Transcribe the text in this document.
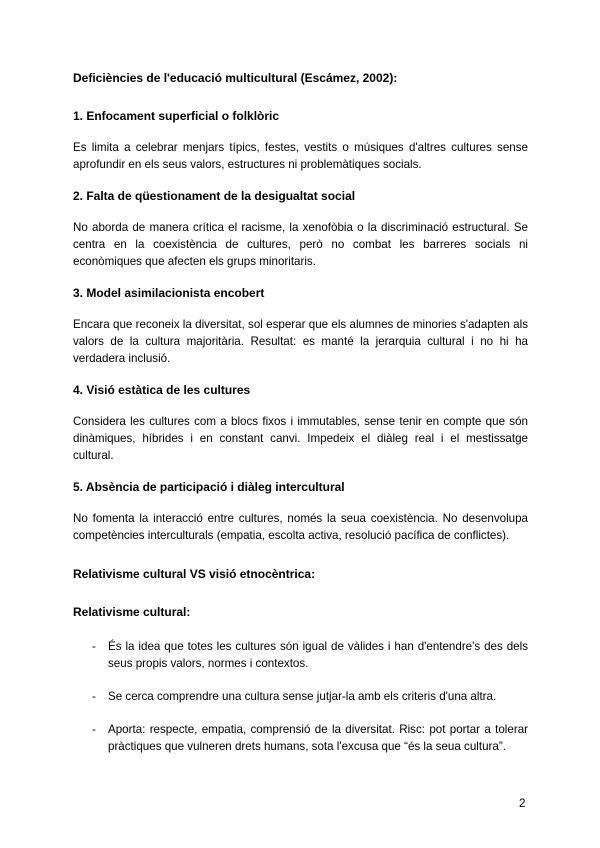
Deficiències de l'educació multicultural (Escámez, 2002):
1. Enfocament superficial o folklòric
Es limita a celebrar menjars típics, festes, vestits o músiques d'altres cultures sense aprofundir en els seus valors, estructures ni problemàtiques socials.
2. Falta de qüestionament de la desigualtat social
No aborda de manera crítica el racisme, la xenofòbia o la discriminació estructural. Se centra en la coexistència de cultures, però no combat les barreres socials ni econòmiques que afecten els grups minoritaris.
3. Model asimilacionista encobert
Encara que reconeix la diversitat, sol esperar que els alumnes de minories s'adapten als valors de la cultura majoritària. Resultat: es manté la jerarquia cultural i no hi ha verdadera inclusió.
4. Visió estàtica de les cultures
Considera les cultures com a blocs fixos i immutables, sense tenir en compte que són dinàmiques, híbrides i en constant canvi. Impedeix el diàleg real i el mestissatge cultural.
5. Absència de participació i diàleg intercultural
No fomenta la interacció entre cultures, només la seua coexistència. No desenvolupa competències interculturals (empatia, escolta activa, resolució pacífica de conflictes).
Relativisme cultural VS visió etnocèntrica:
Relativisme cultural:
- És la idea que totes les cultures són igual de vàlides i han d'entendre's des dels seus propis valors, normes i contextos.
- Se cerca comprendre una cultura sense jutjar-la amb els criteris d'una altra.
- Aporta: respecte, empatia, comprensió de la diversitat. Risc: pot portar a tolerar pràctiques que vulneren drets humans, sota l'excusa que “és la seua cultura”.
2
